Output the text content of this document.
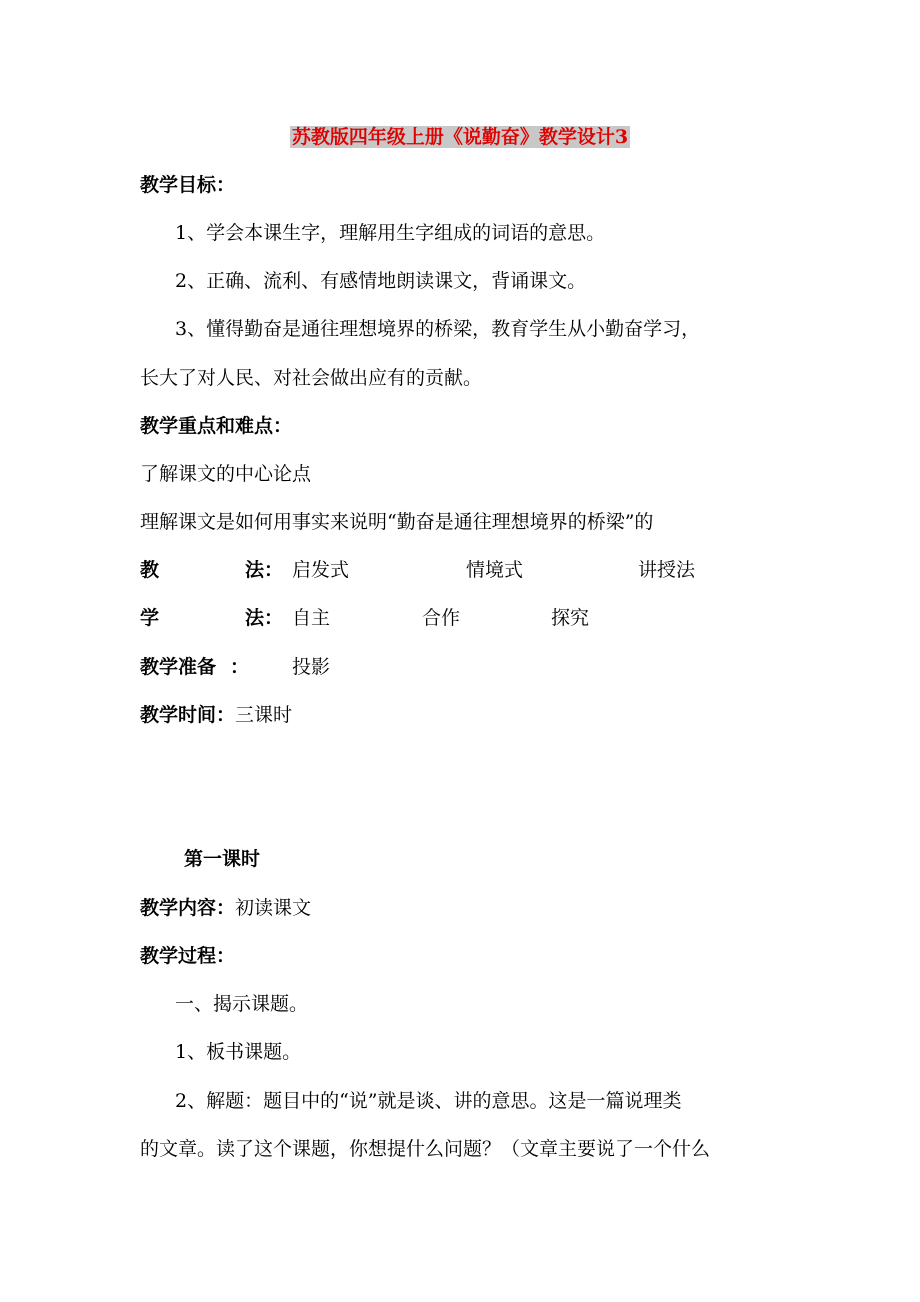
苏教版四年级上册《说勤奋》教学设计3
教学目标：
1、学会本课生字，理解用生字组成的词语的意思。
2、正确、流利、有感情地朗读课文，背诵课文。
3、懂得勤奋是通往理想境界的桥梁，教育学生从小勤奋学习，
长大了对人民、对社会做出应有的贡献。
教学重点和难点：
了解课文的中心论点
理解课文是如何用事实来说明“勤奋是通往理想境界的桥梁”的
教	法： 启发式	情境式	讲授法
学	法： 自主	合作	探究
教学准备 ： 投影
教学时间：三课时
第一课时
教学内容：初读课文
教学过程：
一、揭示课题。
1、板书课题。
2、解题：题目中的“说”就是谈、讲的意思。这是一篇说理类
的文章。读了这个课题，你想提什么问题？（文章主要说了一个什么
